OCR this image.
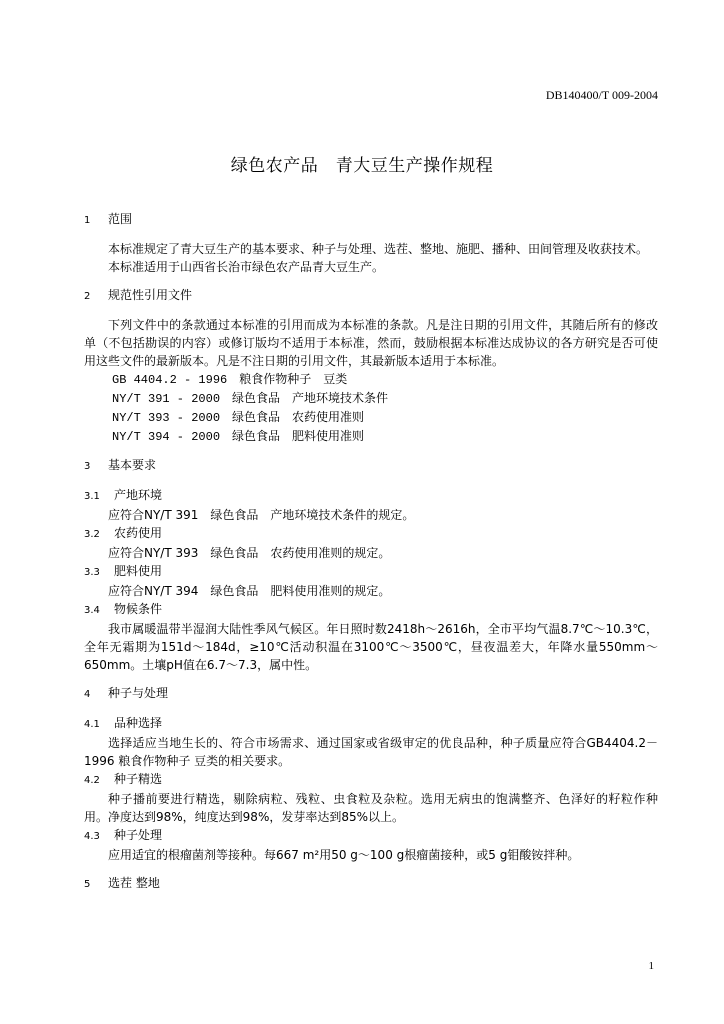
DB140400/T 009-2004
绿色农产品　青大豆生产操作规程
1 范围

本标准规定了青大豆生产的基本要求、种子与处理、选茬、整地、施肥、播种、田间管理及收获技术。

本标准适用于山西省长治市绿色农产品青大豆生产。

2 规范性引用文件

下列文件中的条款通过本标准的引用而成为本标准的条款。凡是注日期的引用文件，其随后所有的修改单（不包括勘误的内容）或修订版均不适用于本标准，然而，鼓励根据本标准达成协议的各方研究是否可使用这些文件的最新版本。凡是不注日期的引用文件，其最新版本适用于本标准。

GB 4404.2 - 1996　 粮食作物种子　豆类
NY/T 391 - 2000　 绿色食品　产地环境技术条件
NY/T 393 - 2000　 绿色食品　农药使用准则
NY/T 394 - 2000　 绿色食品　肥料使用准则
3 基本要求
3.1 产地环境

应符合NY/T 391　绿色食品　产地环境技术条件的规定。

3.2 农药使用

应符合NY/T 393　绿色食品　农药使用准则的规定。

3.3 肥料使用

应符合NY/T 394　绿色食品　肥料使用准则的规定。

3.4 物候条件

我市属暖温带半湿润大陆性季风气候区。年日照时数2418h～2616h，全市平均气温8.7℃～10.3℃，全年无霜期为151d～184d，≥10℃活动积温在3100℃～3500℃，昼夜温差大，年降水量550mm～650mm。土壤pH值在6.7～7.3，属中性。

4 种子与处理
4.1 品种选择

选择适应当地生长的、符合市场需求、通过国家或省级审定的优良品种，种子质量应符合GB4404.2－1996 粮食作物种子 豆类的相关要求。

4.2 种子精选

种子播前要进行精选，剔除病粒、残粒、虫食粒及杂粒。选用无病虫的饱满整齐、色泽好的籽粒作种用。净度达到98%，纯度达到98%，发芽率达到85%以上。

4.3 种子处理

应用适宜的根瘤菌剂等接种。每667 m²用50 g～100 g根瘤菌接种，或5 g钼酸铵拌种。

5 选茬 整地
1
